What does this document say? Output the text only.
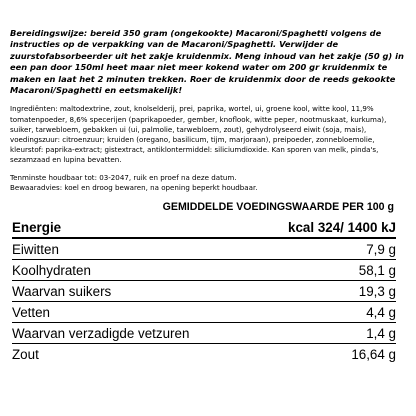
Bereidingswijze: bereid 350 gram (ongekookte) Macaroni/Spaghetti volgens de instructies op de verpakking van de Macaroni/Spaghetti. Verwijder de zuurstofabsorbeerder uit het zakje kruidenmix. Meng inhoud van het zakje (50 g) in een pan door 150ml heet maar niet meer kokend water om 200 gr kruidenmix te maken en laat het 2 minuten trekken. Roer de kruidenmix door de reeds gekookte Macaroni/Spaghetti en eetsmakelijk!

Ingrediënten: maltodextrine, zout, knolselderij, prei, paprika, wortel, ui, groene kool, witte kool, 11,9% tomatenpoeder, 8,6% specerijen (paprikapoeder, gember, knoflook, witte peper, nootmuskaat, kurkuma), suiker, tarwebloem, gebakken ui (ui, palmolie, tarwebloem, zout), gehydrolyseerd eiwit (soja, mais), voedingszuur: citroenzuur; kruiden (oregano, basilicum, tijm, marjoraan), preipoeder, zonnebloemolie, kleurstof: paprika-extract; gistextract, antiklontermiddel: siliciumdioxide. Kan sporen van melk, pinda's, sezamzaad en lupina bevatten.

Tenminste houdbaar tot: 03-2047, ruik en proef na deze datum.
Bewaaradvies: koel en droog bewaren, na opening beperkt houdbaar.
GEMIDDELDE VOEDINGSWAARDE PER 100 g
Energie	kcal 324/ 1400 kJ
Eiwitten	7,9 g
Koolhydraten	58,1 g
Waarvan suikers	19,3 g
Vetten	4,4 g
Waarvan verzadigde vetzuren	1,4 g
Zout	16,64 g
